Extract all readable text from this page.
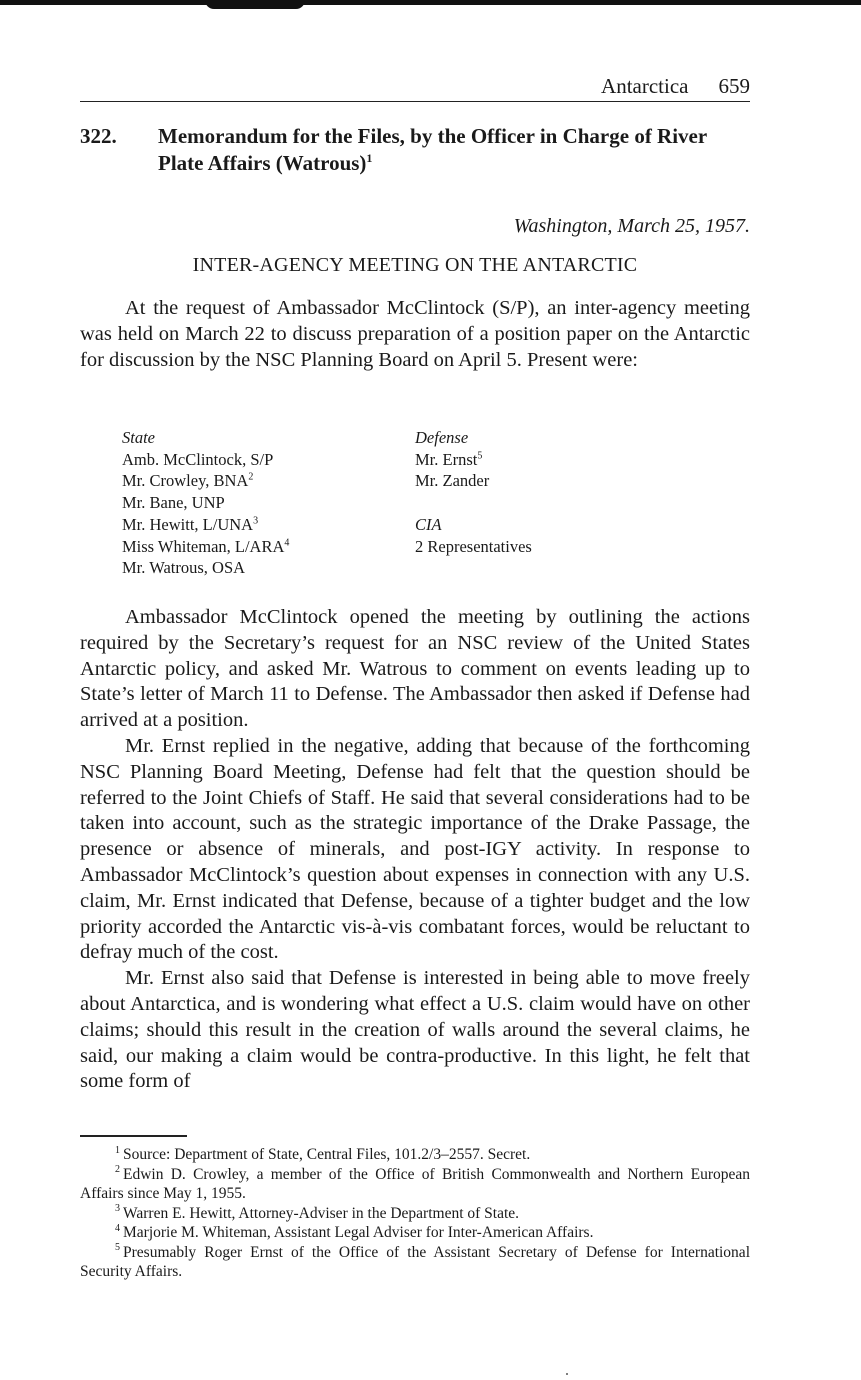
Antarctica 659
322. Memorandum for the Files, by the Officer in Charge of River Plate Affairs (Watrous)$^1$
Washington, March 25, 1957.
INTER-AGENCY MEETING ON THE ANTARCTIC

At the request of Ambassador McClintock (S/P), an inter-agency meeting was held on March 22 to discuss preparation of a position paper on the Antarctic for discussion by the NSC Planning Board on April 5. Present were:

State
Amb. McClintock, S/P
Mr. Crowley, BNA$^2$
Mr. Bane, UNP
Mr. Hewitt, L/UNA$^3$
Miss Whiteman, L/ARA$^4$
Mr. Watrous, OSA
Defense
Mr. Ernst$^5$
Mr. Zander
CIA
2 Representatives

Ambassador McClintock opened the meeting by outlining the actions required by the Secretary’s request for an NSC review of the United States Antarctic policy, and asked Mr. Watrous to comment on events leading up to State’s letter of March 11 to Defense. The Ambassador then asked if Defense had arrived at a position.

Mr. Ernst replied in the negative, adding that because of the forthcoming NSC Planning Board Meeting, Defense had felt that the question should be referred to the Joint Chiefs of Staff. He said that several considerations had to be taken into account, such as the strategic importance of the Drake Passage, the presence or absence of minerals, and post-IGY activity. In response to Ambassador McClintock’s question about expenses in connection with any U.S. claim, Mr. Ernst indicated that Defense, because of a tighter budget and the low priority accorded the Antarctic vis-à-vis combatant forces, would be reluctant to defray much of the cost.

Mr. Ernst also said that Defense is interested in being able to move freely about Antarctica, and is wondering what effect a U.S. claim would have on other claims; should this result in the creation of walls around the several claims, he said, our making a claim would be contra-productive. In this light, he felt that some form of

$^1$ Source: Department of State, Central Files, 101.2/3–2557. Secret.

$^2$ Edwin D. Crowley, a member of the Office of British Commonwealth and Northern European Affairs since May 1, 1955.

$^3$ Warren E. Hewitt, Attorney-Adviser in the Department of State.

$^4$ Marjorie M. Whiteman, Assistant Legal Adviser for Inter-American Affairs.

$^5$ Presumably Roger Ernst of the Office of the Assistant Secretary of Defense for International Security Affairs.
